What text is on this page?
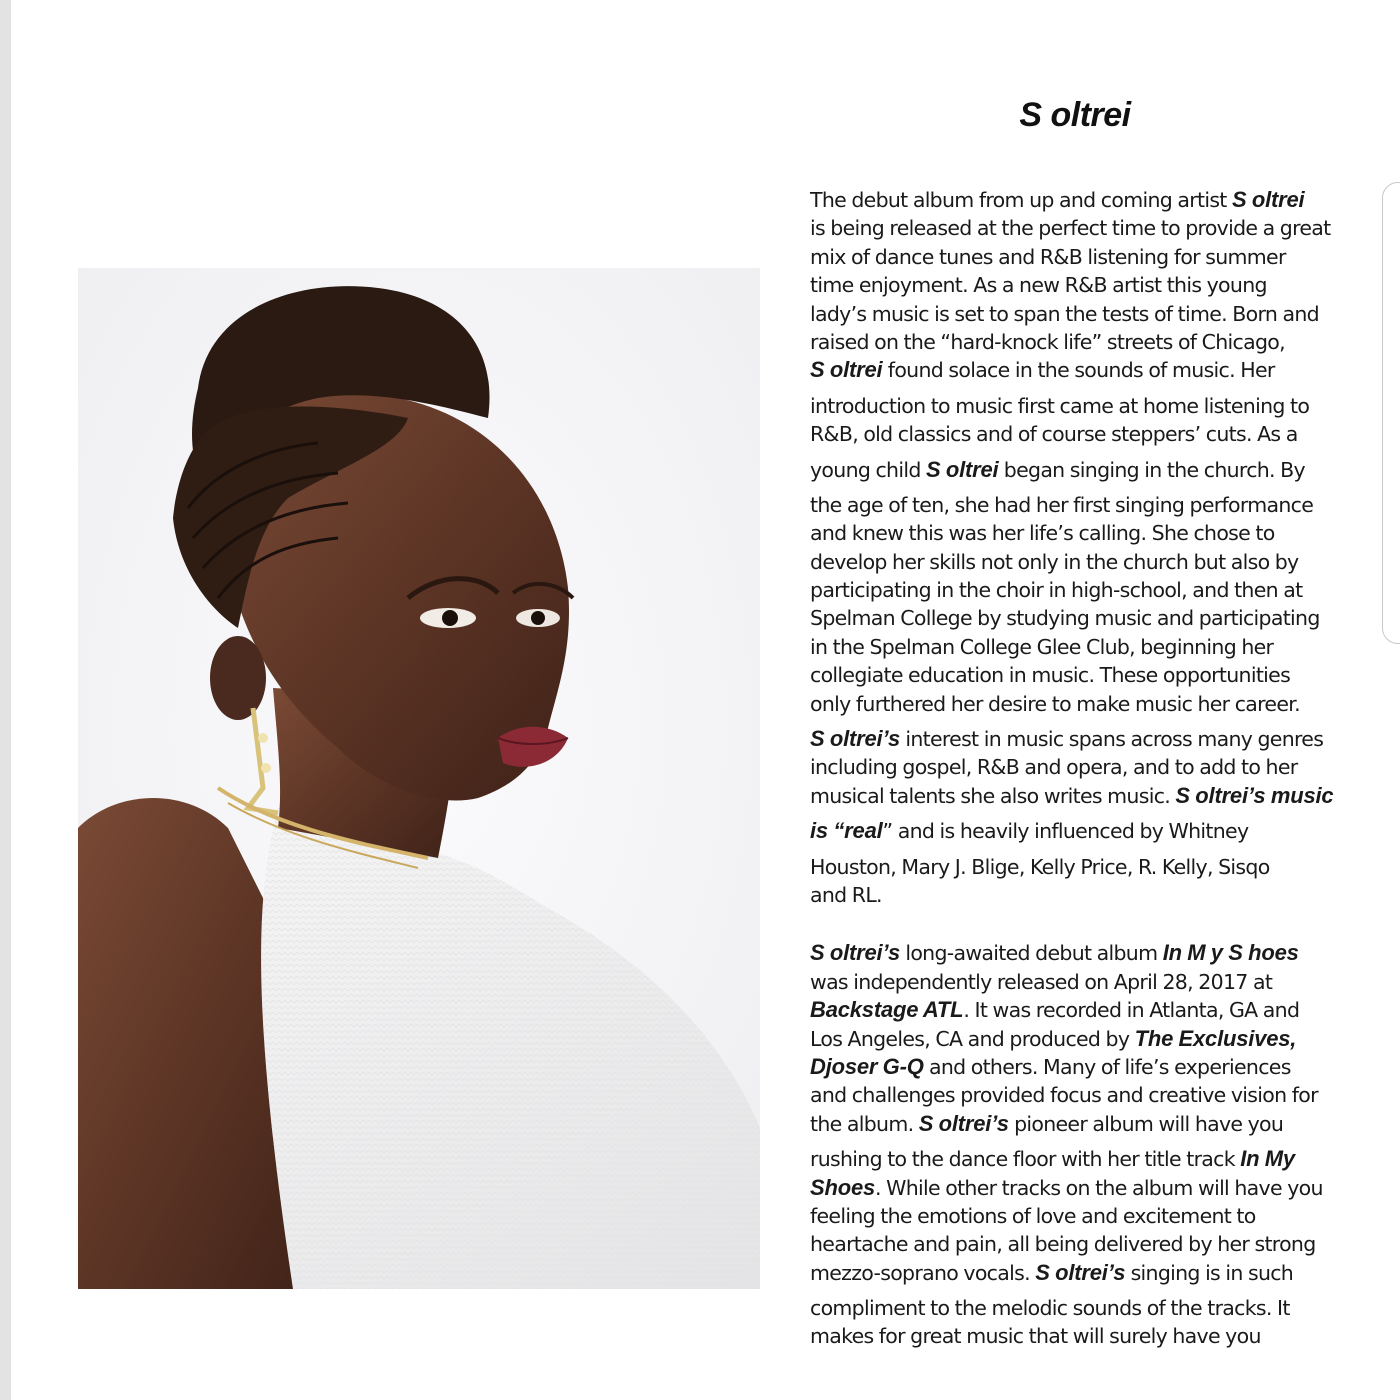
S oltrei
The debut album from up and coming artist S oltrei
is being released at the perfect time to provide a great
mix of dance tunes and R&B listening for summer
time enjoyment. As a new R&B artist this young
lady’s music is set to span the tests of time. Born and
raised on the “hard-knock life” streets of Chicago,
S oltrei found solace in the sounds of music. Her
introduction to music first came at home listening to
R&B, old classics and of course steppers’ cuts. As a
young child S oltrei began singing in the church. By
the age of ten, she had her first singing performance
and knew this was her life’s calling. She chose to
develop her skills not only in the church but also by
participating in the choir in high-school, and then at
Spelman College by studying music and participating
in the Spelman College Glee Club, beginning her
collegiate education in music. These opportunities
only furthered her desire to make music her career.
S oltrei’s interest in music spans across many genres
including gospel, R&B and opera, and to add to her
musical talents she also writes music. S oltrei’s music
is “real” and is heavily influenced by Whitney
Houston, Mary J. Blige, Kelly Price, R. Kelly, Sisqo
and RL.
S oltrei’s long-awaited debut album In M y S hoes
was independently released on April 28, 2017 at
Backstage ATL. It was recorded in Atlanta, GA and
Los Angeles, CA and produced by The Exclusives,
Djoser G-Q and others. Many of life’s experiences
and challenges provided focus and creative vision for
the album. S oltrei’s pioneer album will have you
rushing to the dance floor with her title track In My
Shoes. While other tracks on the album will have you
feeling the emotions of love and excitement to
heartache and pain, all being delivered by her strong
mezzo-soprano vocals. S oltrei’s singing is in such
compliment to the melodic sounds of the tracks. It
makes for great music that will surely have you
